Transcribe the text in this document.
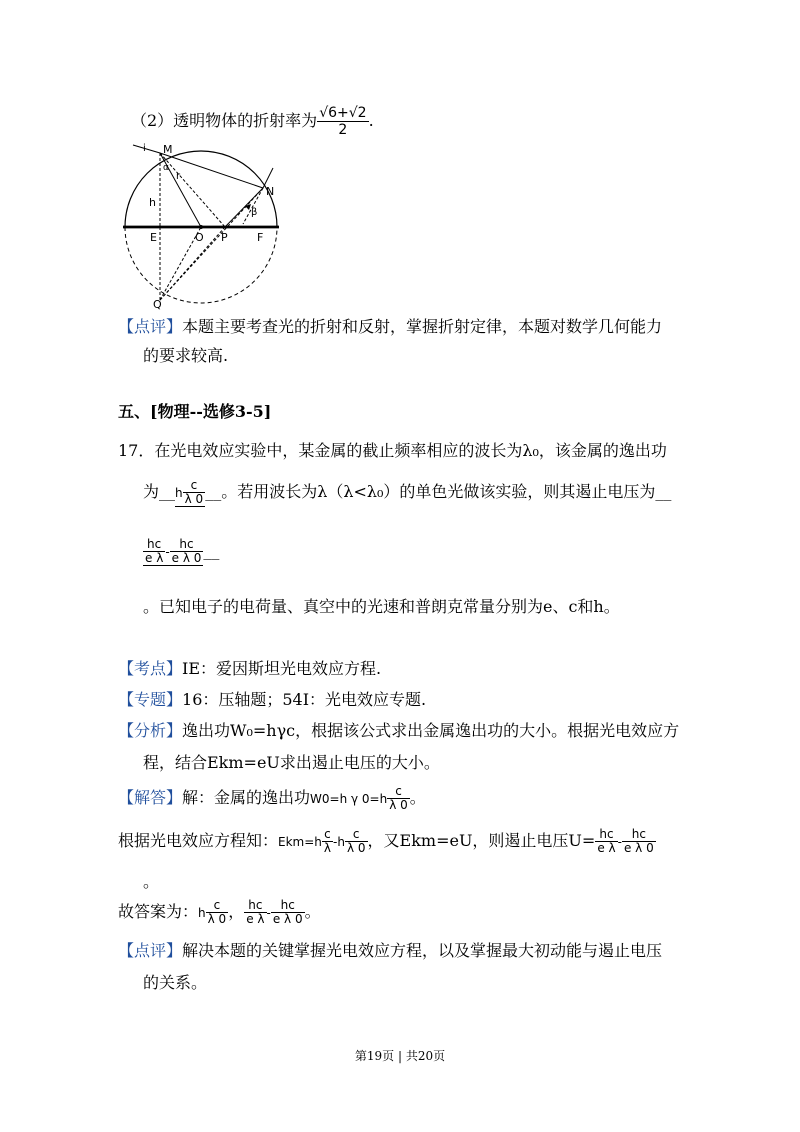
（2）透明物体的折射率为 $\frac{√6+√2}{2}$ .
i M
α
r
N
β
h
E	O P	F
Q
【点评】本题主要考查光的折射和反射，掌握折射定律，本题对数学几何能力
的要求较高.
五、[物理--选修3-5]
17．在光电效应实验中，某金属的截止频率相应的波长为λ₀，该金属的逸出功
为__h $\frac{c}{\lambda 0}$ __。若用波长为λ（λ<λ₀）的单色光做该实验，则其遏止电压为__
$\frac{hc}{\text{e λ}} - \frac{hc}{\text{e λ 0}}$ __
。已知电子的电荷量、真空中的光速和普朗克常量分别为e、c和h。
【考点】IE：爱因斯坦光电效应方程.
【专题】16：压轴题；54I：光电效应专题.
【分析】逸出功W₀=hγc，根据该公式求出金属逸出功的大小。根据光电效应方
程，结合Ekm=eU求出遏止电压的大小。
【解答】解：金属的逸出功W0=h γ $0=h \frac{c}{\lambda 0}$ 。
根据光电效应方程知：$Ekm=h \frac{c}{\lambda} -h \frac{c}{\lambda 0}$ ，又Ekm=eU，则遏止电压$U= \frac{hc}{\text{e λ}} - \frac{hc}{\text{e λ 0}}$
。
故答案为：h $\frac{c}{\lambda 0}$ ， $\frac{hc}{\text{e λ}} - \frac{hc}{\text{e λ 0}}$ 。
【点评】解决本题的关键掌握光电效应方程，以及掌握最大初动能与遏止电压
的关系。
第19页 | 共20页
